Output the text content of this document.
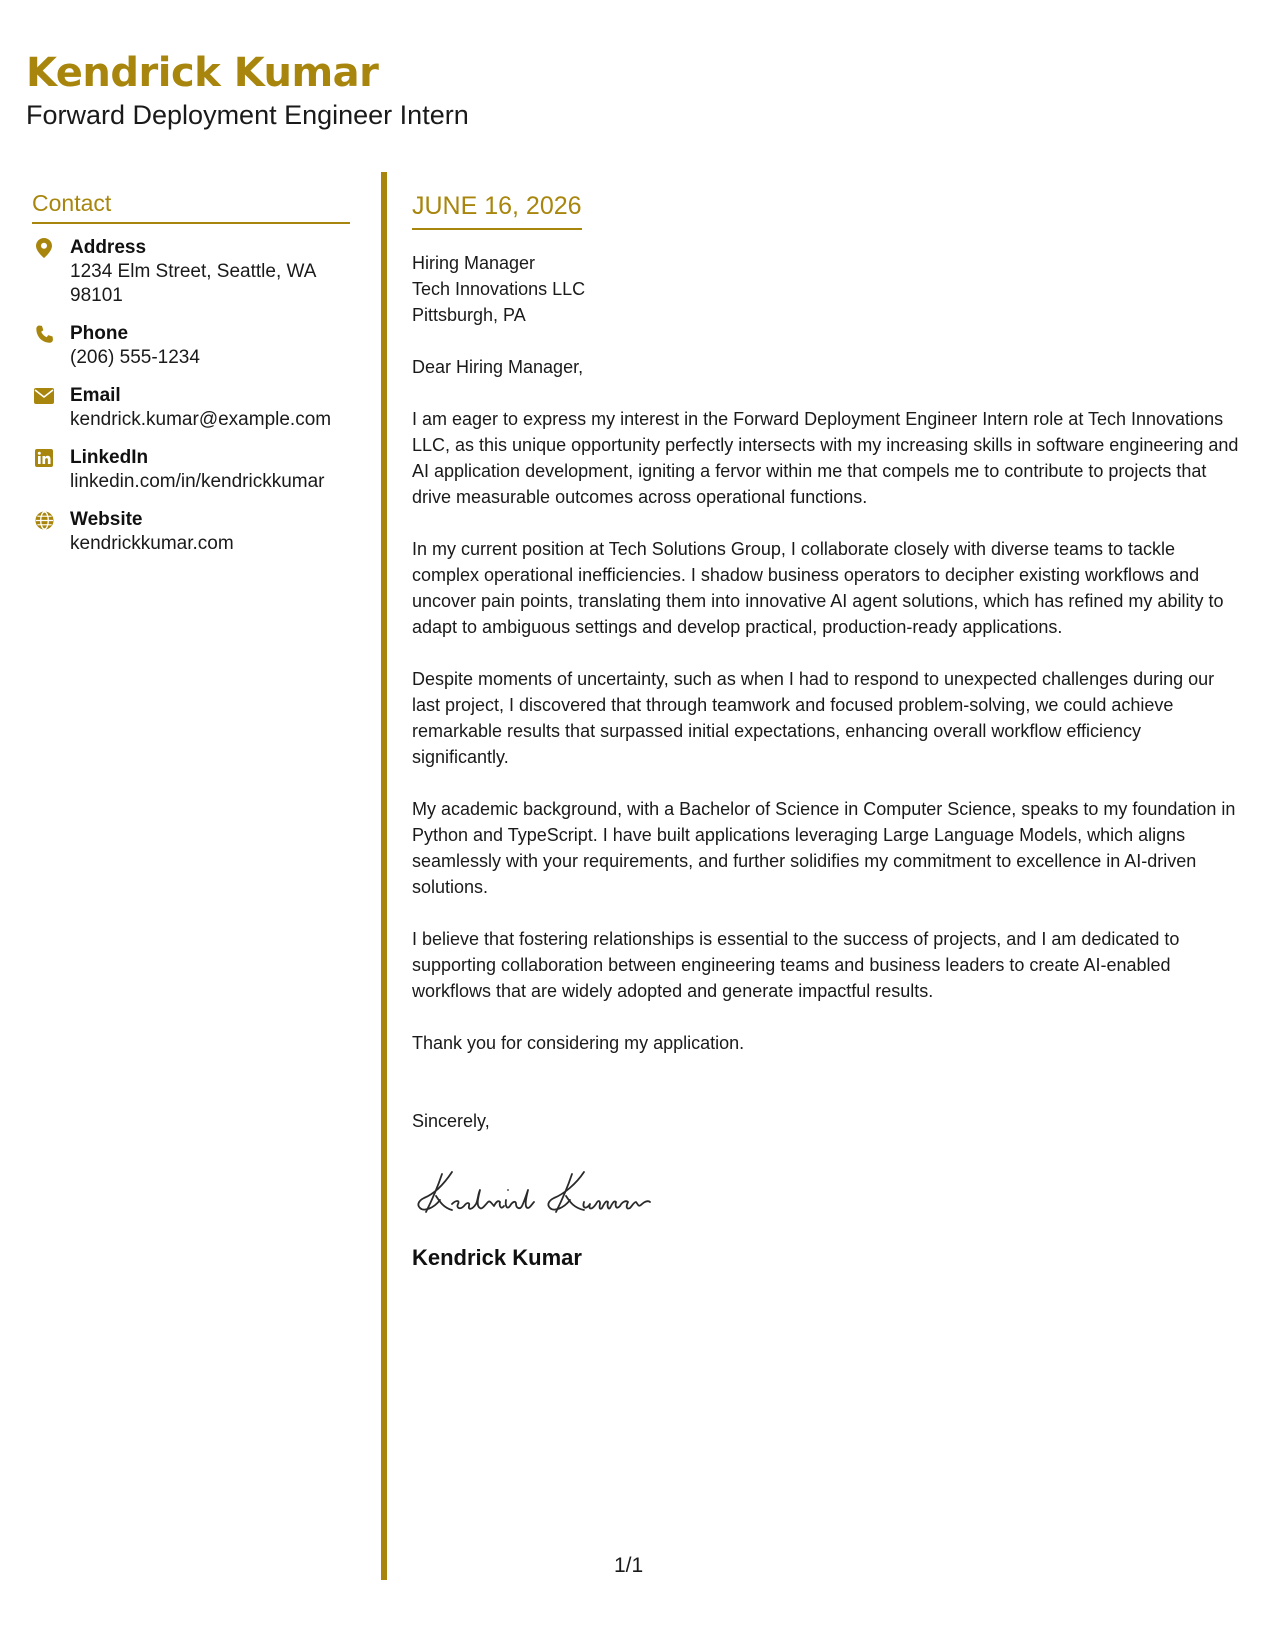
Kendrick Kumar
Forward Deployment Engineer Intern
Contact
Address
1234 Elm Street, Seattle, WA 98101
Phone
(206) 555-1234
Email
kendrick.kumar@example.com
LinkedIn
linkedin.com/in/kendrickkumar
Website
kendrickkumar.com
JUNE 16, 2026
Hiring Manager
Tech Innovations LLC
Pittsburgh, PA
Dear Hiring Manager,

I am eager to express my interest in the Forward Deployment Engineer Intern role at Tech Innovations LLC, as this unique opportunity perfectly intersects with my increasing skills in software engineering and AI application development, igniting a fervor within me that compels me to contribute to projects that drive measurable outcomes across operational functions.

In my current position at Tech Solutions Group, I collaborate closely with diverse teams to tackle complex operational inefficiencies. I shadow business operators to decipher existing workflows and uncover pain points, translating them into innovative AI agent solutions, which has refined my ability to adapt to ambiguous settings and develop practical, production-ready applications.

Despite moments of uncertainty, such as when I had to respond to unexpected challenges during our last project, I discovered that through teamwork and focused problem-solving, we could achieve remarkable results that surpassed initial expectations, enhancing overall workflow efficiency significantly.

My academic background, with a Bachelor of Science in Computer Science, speaks to my foundation in Python and TypeScript. I have built applications leveraging Large Language Models, which aligns seamlessly with your requirements, and further solidifies my commitment to excellence in AI-driven solutions.

I believe that fostering relationships is essential to the success of projects, and I am dedicated to supporting collaboration between engineering teams and business leaders to create AI-enabled workflows that are widely adopted and generate impactful results.

Thank you for considering my application.

Sincerely,
Kendrick Kumar
1/1
